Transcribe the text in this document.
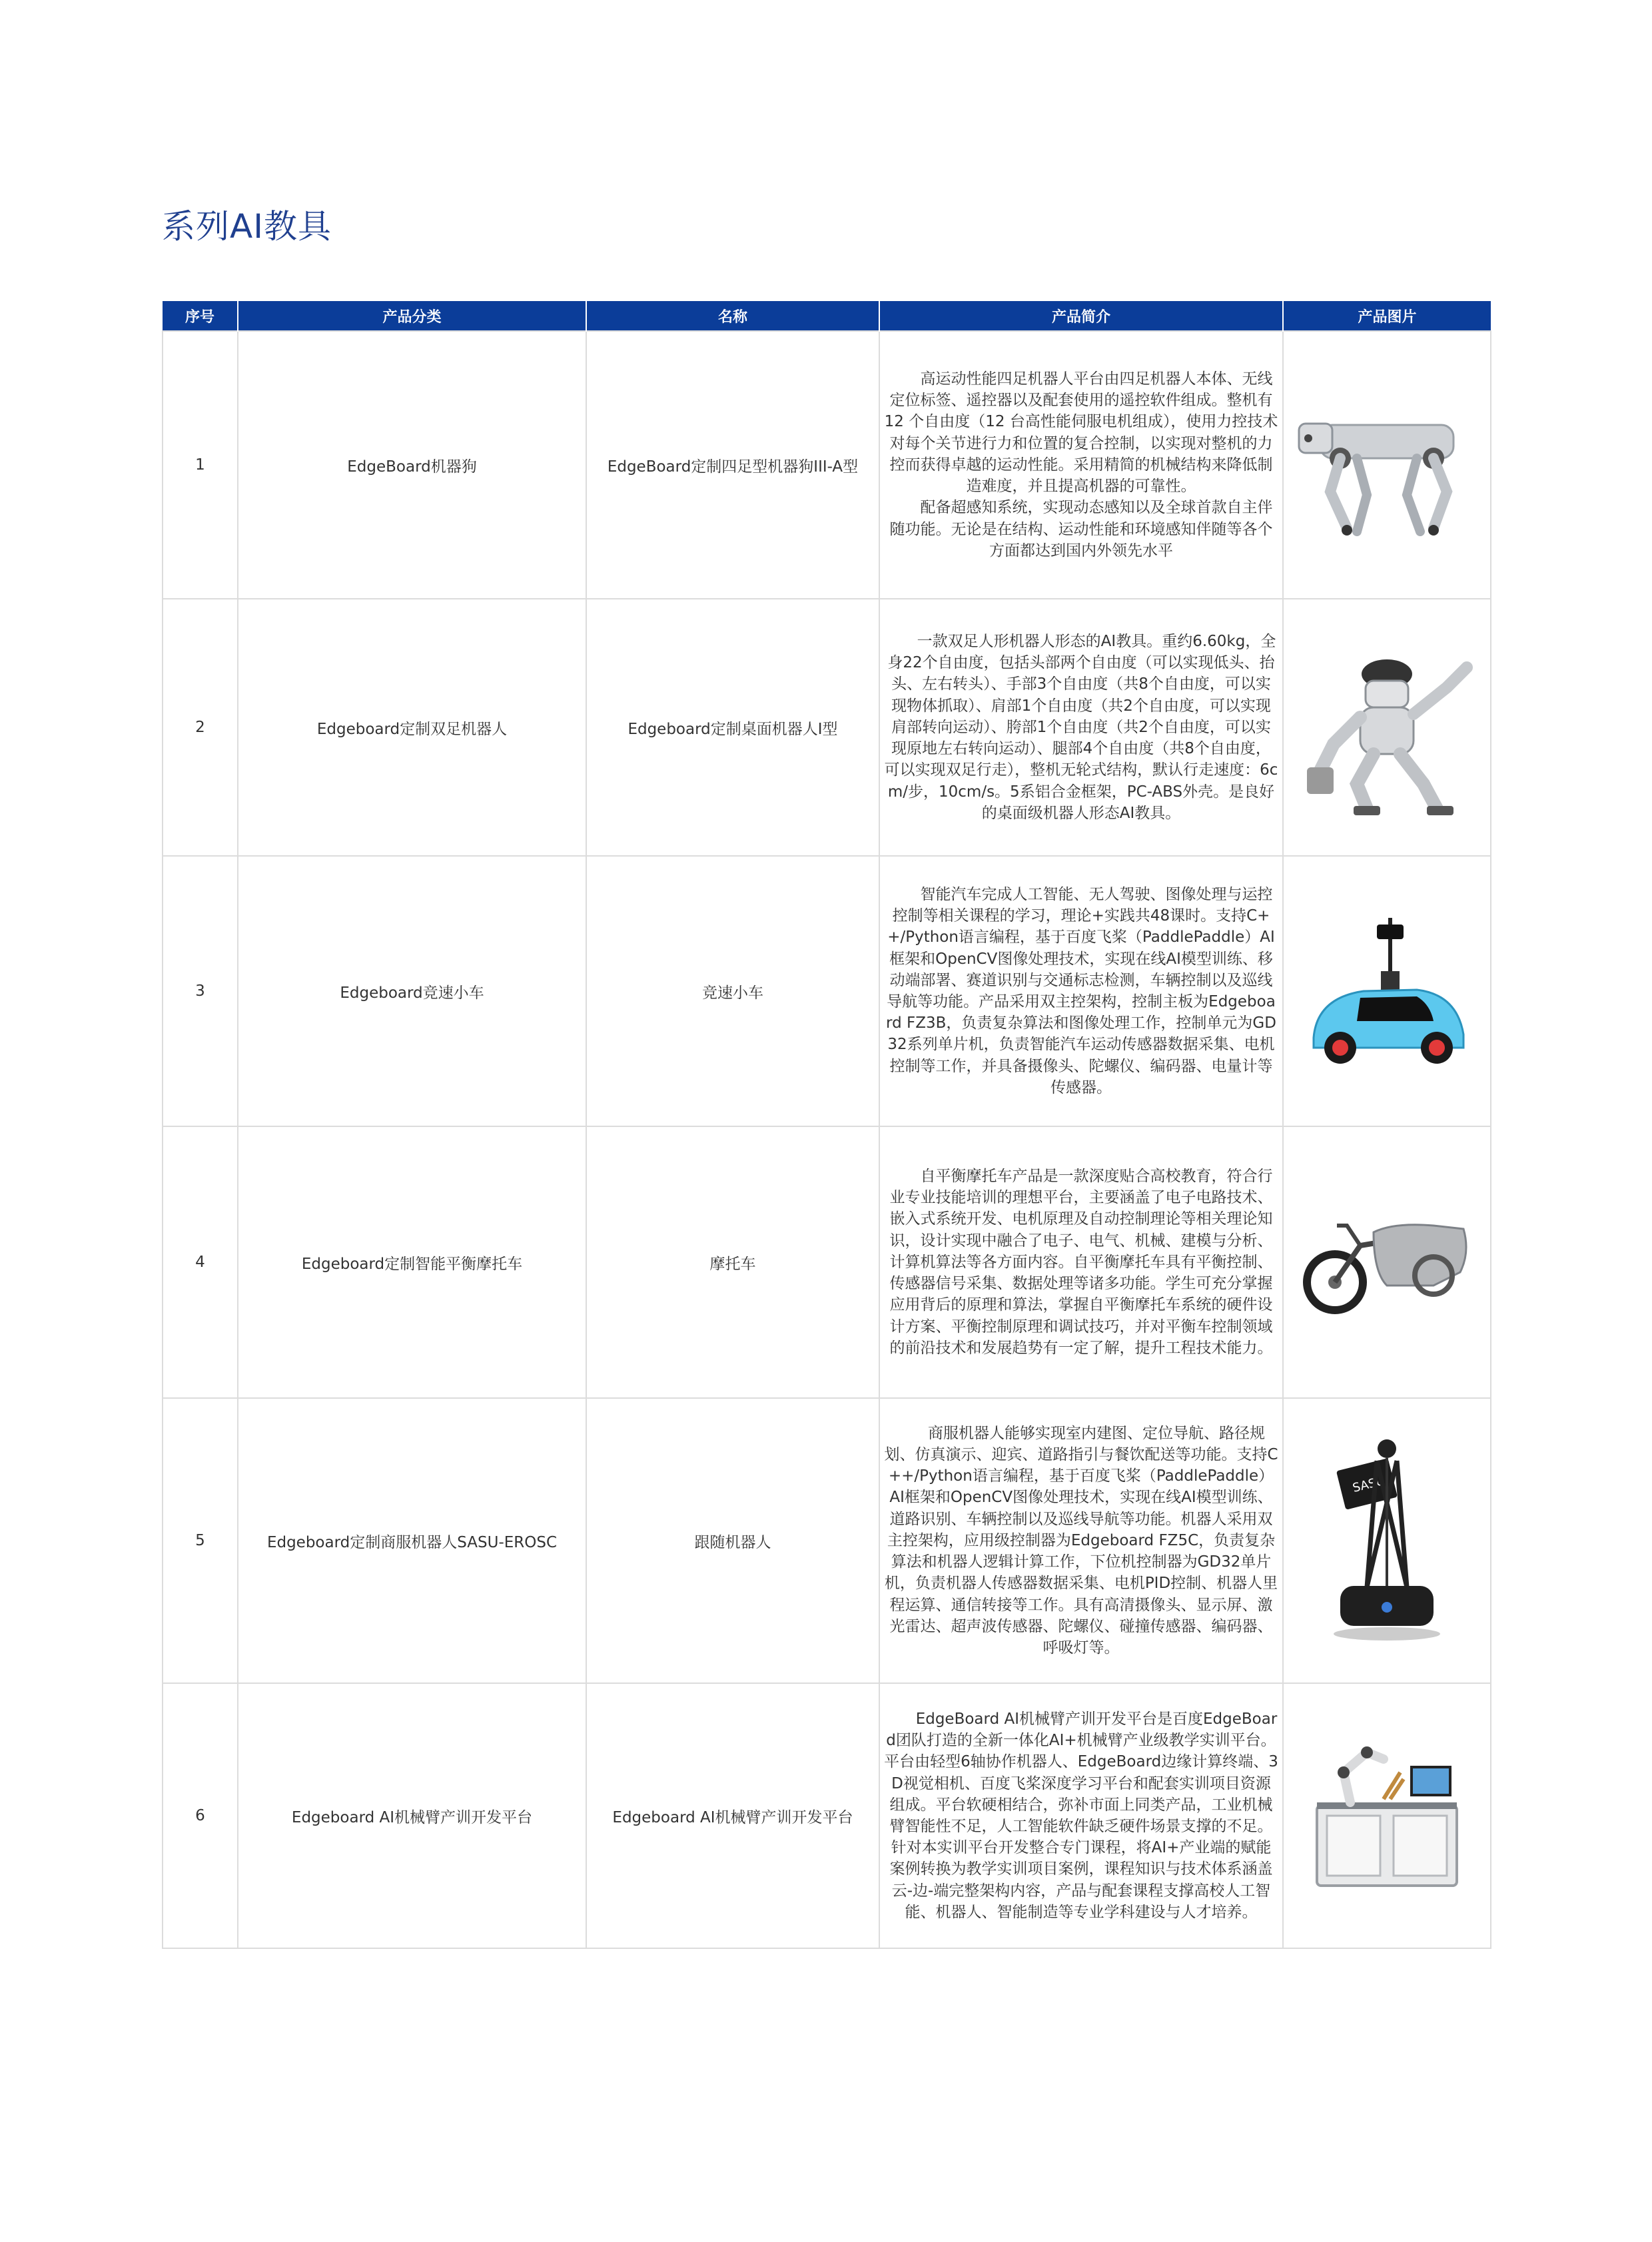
系列AI教具
序号	产品分类	名称	产品简介	产品图片
1	EdgeBoard机器狗	EdgeBoard定制四足型机器狗III-A型	　　高运动性能四足机器人平台由四足机器人本体、无线定位标签、遥控器以及配套使用的遥控软件组成。整机有 12 个自由度（12 台高性能伺服电机组成），使用力控技术对每个关节进行力和位置的复合控制，以实现对整机的力控而获得卓越的运动性能。采用精简的机械结构来降低制造难度，并且提高机器的可靠性。
　　配备超感知系统，实现动态感知以及全球首款自主伴随功能。无论是在结构、运动性能和环境感知伴随等各个方面都达到国内外领先水平	

2	Edgeboard定制双足机器人	Edgeboard定制桌面机器人I型	　　一款双足人形机器人形态的AI教具。重约6.60kg，全身22个自由度，包括头部两个自由度（可以实现低头、抬头、左右转头）、手部3个自由度（共8个自由度，可以实现物体抓取）、肩部1个自由度（共2个自由度，可以实现肩部转向运动）、胯部1个自由度（共2个自由度，可以实现原地左右转向运动）、腿部4个自由度（共8个自由度，可以实现双足行走），整机无轮式结构，默认行走速度：6cm/步，10cm/s。5系铝合金框架，PC-ABS外壳。是良好的桌面级机器人形态AI教具。	

3	Edgeboard竞速小车	竞速小车	　　智能汽车完成人工智能、无人驾驶、图像处理与运控控制等相关课程的学习，理论+实践共48课时。支持C++/Python语言编程，基于百度飞桨（PaddlePaddle）AI框架和OpenCV图像处理技术，实现在线AI模型训练、移动端部署、赛道识别与交通标志检测，车辆控制以及巡线导航等功能。产品采用双主控架构，控制主板为Edgeboard FZ3B，负责复杂算法和图像处理工作，控制单元为GD32系列单片机，负责智能汽车运动传感器数据采集、电机控制等工作，并具备摄像头、陀螺仪、编码器、电量计等传感器。	

4	Edgeboard定制智能平衡摩托车	摩托车	　　自平衡摩托车产品是一款深度贴合高校教育，符合行业专业技能培训的理想平台，主要涵盖了电子电路技术、嵌入式系统开发、电机原理及自动控制理论等相关理论知识，设计实现中融合了电子、电气、机械、建模与分析、计算机算法等各方面内容。自平衡摩托车具有平衡控制、传感器信号采集、数据处理等诸多功能。学生可充分掌握应用背后的原理和算法，掌握自平衡摩托车系统的硬件设计方案、平衡控制原理和调试技巧，并对平衡车控制领域的前沿技术和发展趋势有一定了解，提升工程技术能力。	

5	Edgeboard定制商服机器人SASU-EROSC	跟随机器人	　　商服机器人能够实现室内建图、定位导航、路径规划、仿真演示、迎宾、道路指引与餐饮配送等功能。支持C++/Python语言编程，基于百度飞桨（PaddlePaddle）AI框架和OpenCV图像处理技术，实现在线AI模型训练、道路识别、车辆控制以及巡线导航等功能。机器人采用双主控架构，应用级控制器为Edgeboard FZ5C，负责复杂算法和机器人逻辑计算工作，下位机控制器为GD32单片机，负责机器人传感器数据采集、电机PID控制、机器人里程运算、通信转接等工作。具有高清摄像头、显示屏、激光雷达、超声波传感器、陀螺仪、碰撞传感器、编码器、呼吸灯等。	SASU

6	Edgeboard AI机械臂产训开发平台	Edgeboard AI机械臂产训开发平台	　　EdgeBoard AI机械臂产训开发平台是百度EdgeBoard团队打造的全新一体化AI+机械臂产业级教学实训平台。平台由轻型6轴协作机器人、EdgeBoard边缘计算终端、3D视觉相机、百度飞桨深度学习平台和配套实训项目资源组成。平台软硬相结合，弥补市面上同类产品，工业机械臂智能性不足，人工智能软件缺乏硬件场景支撑的不足。针对本实训平台开发整合专门课程，将AI+产业端的赋能案例转换为教学实训项目案例，课程知识与技术体系涵盖云-边-端完整架构内容，产品与配套课程支撑高校人工智能、机器人、智能制造等专业学科建设与人才培养。	
